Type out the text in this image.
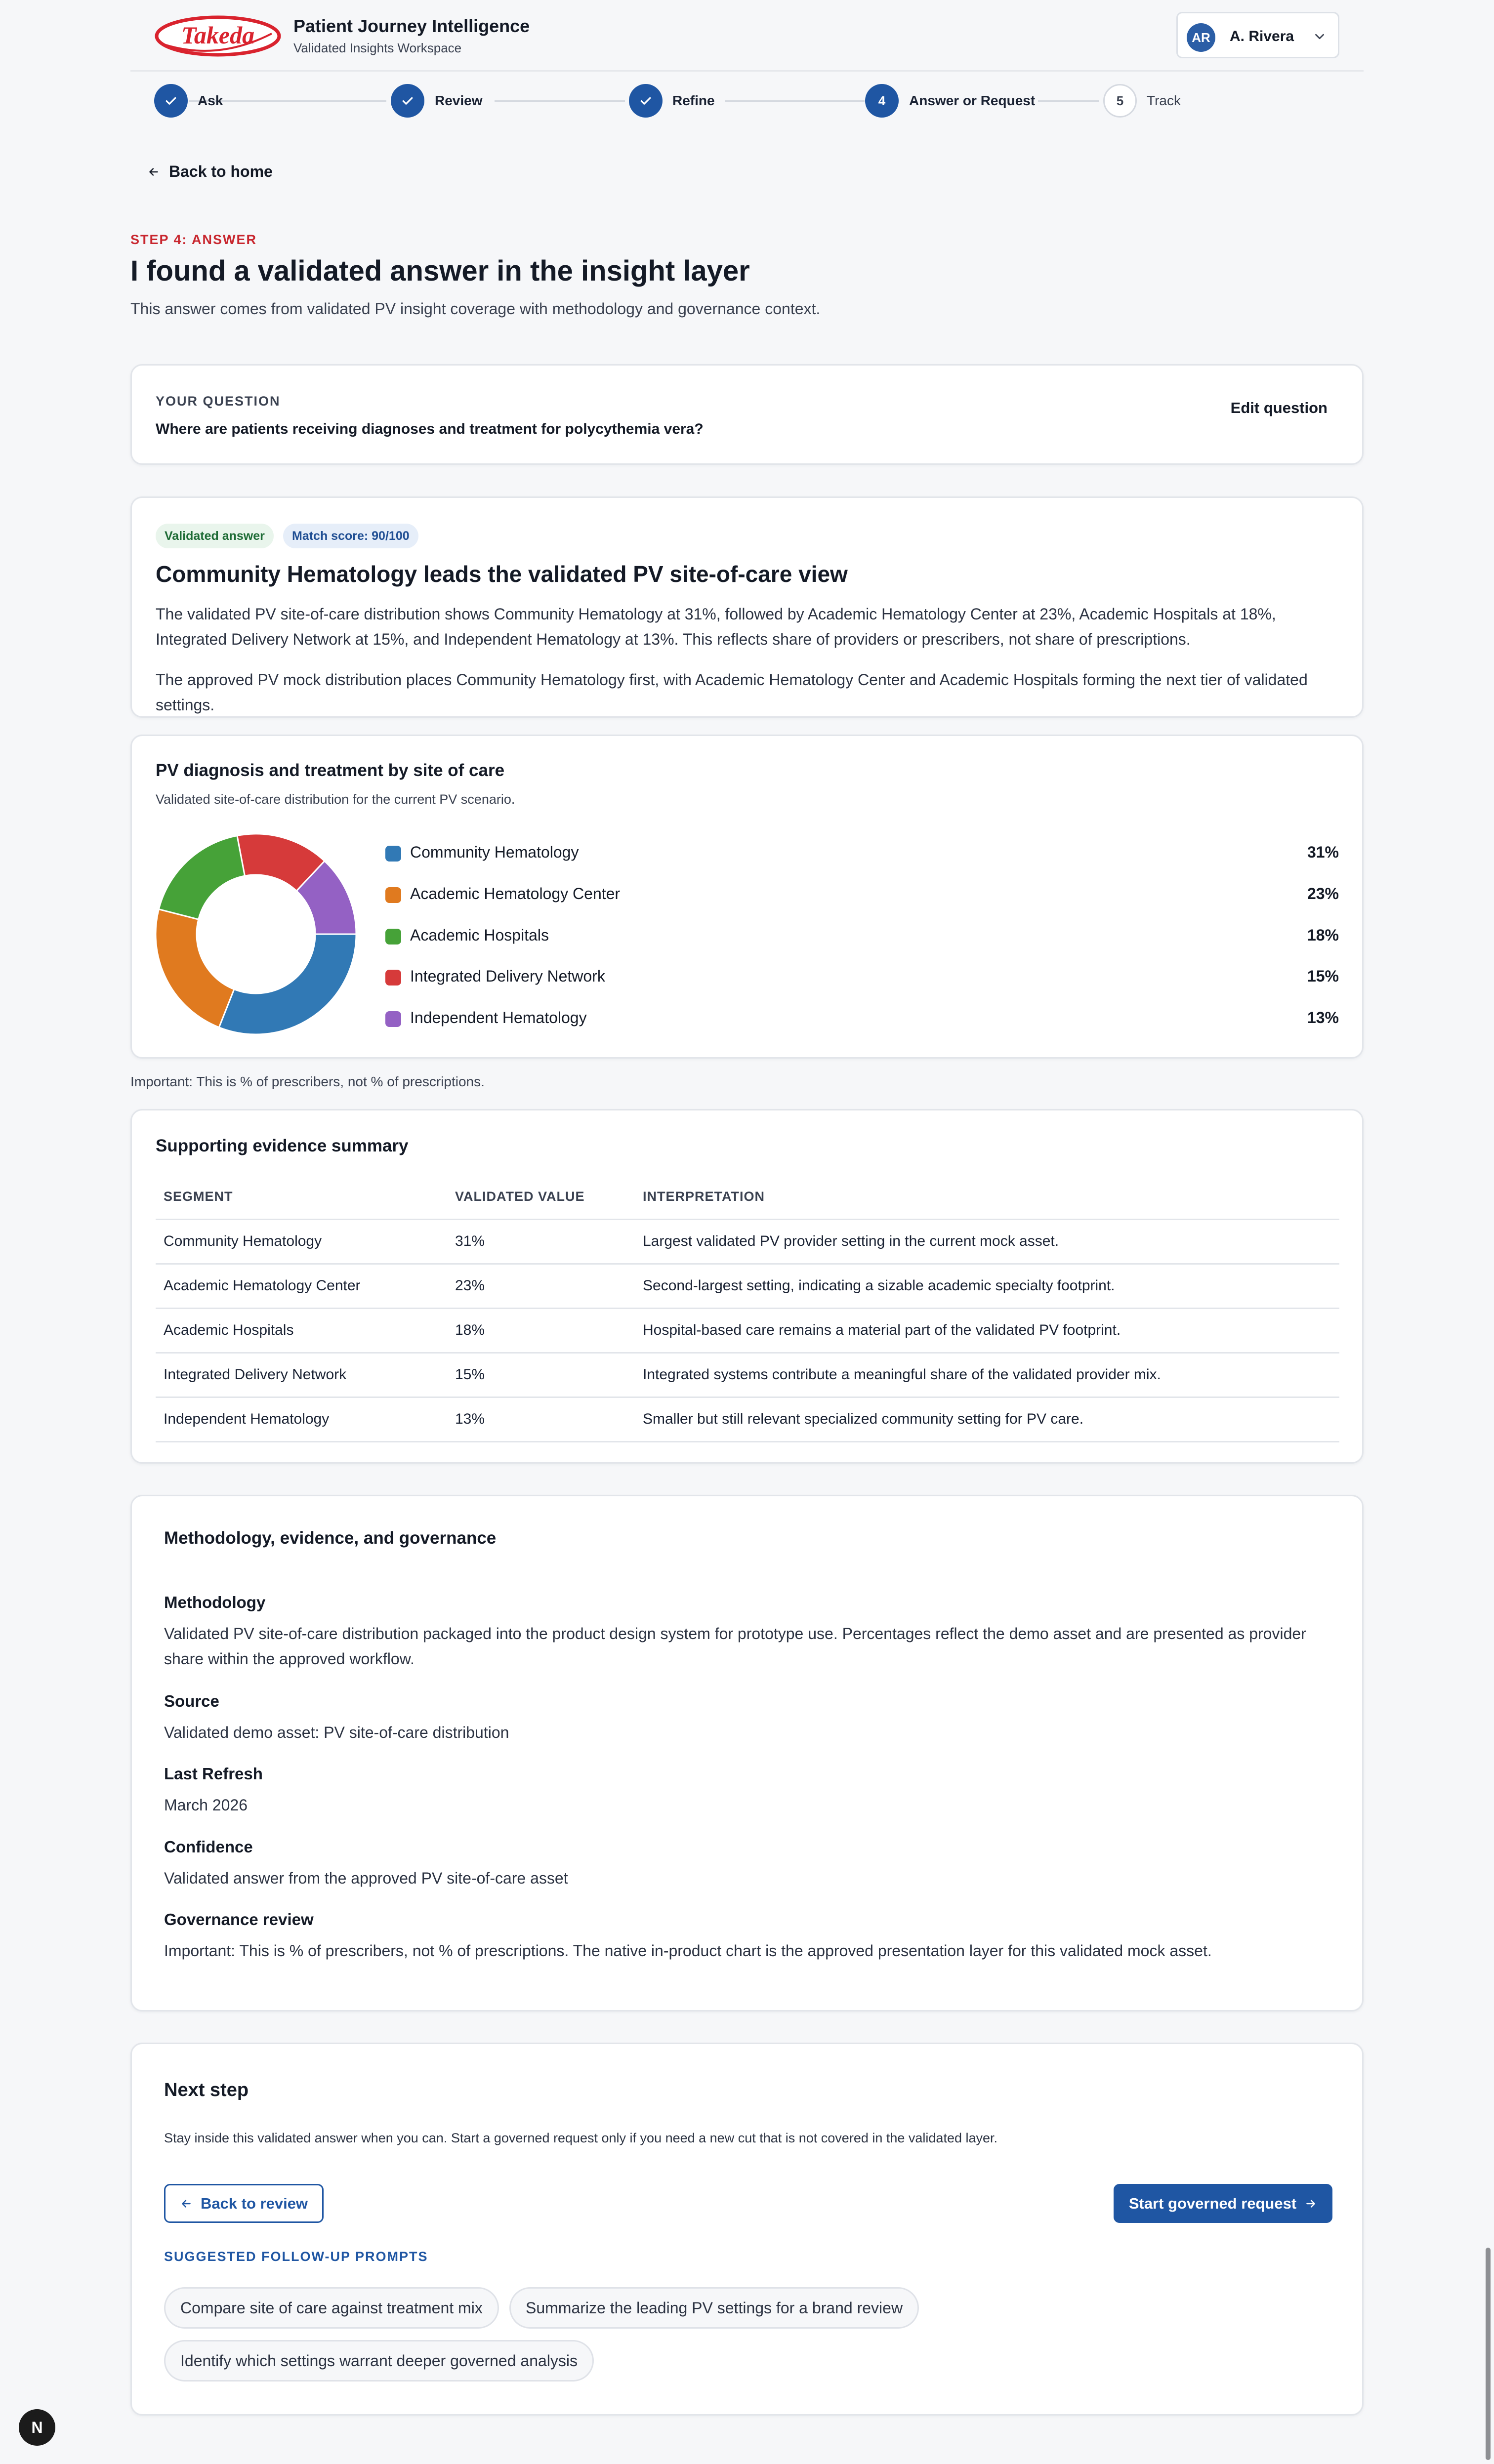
Takeda Patient Journey Intelligence
Validated Insights Workspace
AR	A. Rivera
Ask	Review	Refine	4	Answer or Request	5	Track
Back to home
STEP 4: ANSWER
I found a validated answer in the insight layer
This answer comes from validated PV insight coverage with methodology and governance context.
YOUR QUESTION
Where are patients receiving diagnoses and treatment for polycythemia vera?
Edit question
Validated answer	Match score: 90/100
Community Hematology leads the validated PV site-of-care view
The validated PV site-of-care distribution shows Community Hematology at 31%, followed by Academic Hematology Center at 23%, Academic Hospitals at 18%, Integrated Delivery Network at 15%, and Independent Hematology at 13%. This reflects share of providers or prescribers, not share of prescriptions.
The approved PV mock distribution places Community Hematology first, with Academic Hematology Center and Academic Hospitals forming the next tier of validated settings.
PV diagnosis and treatment by site of care
Validated site-of-care distribution for the current PV scenario.
Community Hematology	31%
Academic Hematology Center	23%
Academic Hospitals	18%
Integrated Delivery Network	15%
Independent Hematology	13%
Important: This is % of prescribers, not % of prescriptions.
Supporting evidence summary
SEGMENT	VALIDATED VALUE	INTERPRETATION
Community Hematology	31%	Largest validated PV provider setting in the current mock asset.
Academic Hematology Center	23%	Second-largest setting, indicating a sizable academic specialty footprint.
Academic Hospitals	18%	Hospital-based care remains a material part of the validated PV footprint.
Integrated Delivery Network	15%	Integrated systems contribute a meaningful share of the validated provider mix.
Independent Hematology	13%	Smaller but still relevant specialized community setting for PV care.
Methodology, evidence, and governance
Methodology
Validated PV site-of-care distribution packaged into the product design system for prototype use. Percentages reflect the demo asset and are presented as provider share within the approved workflow.
Source
Validated demo asset: PV site-of-care distribution
Last Refresh
March 2026
Confidence
Validated answer from the approved PV site-of-care asset
Governance review
Important: This is % of prescribers, not % of prescriptions. The native in-product chart is the approved presentation layer for this validated mock asset.
Next step
Stay inside this validated answer when you can. Start a governed request only if you need a new cut that is not covered in the validated layer.
Back to review	Start governed request
SUGGESTED FOLLOW-UP PROMPTS
Compare site of care against treatment mix	Summarize the leading PV settings for a brand review
Identify which settings warrant deeper governed analysis
N
